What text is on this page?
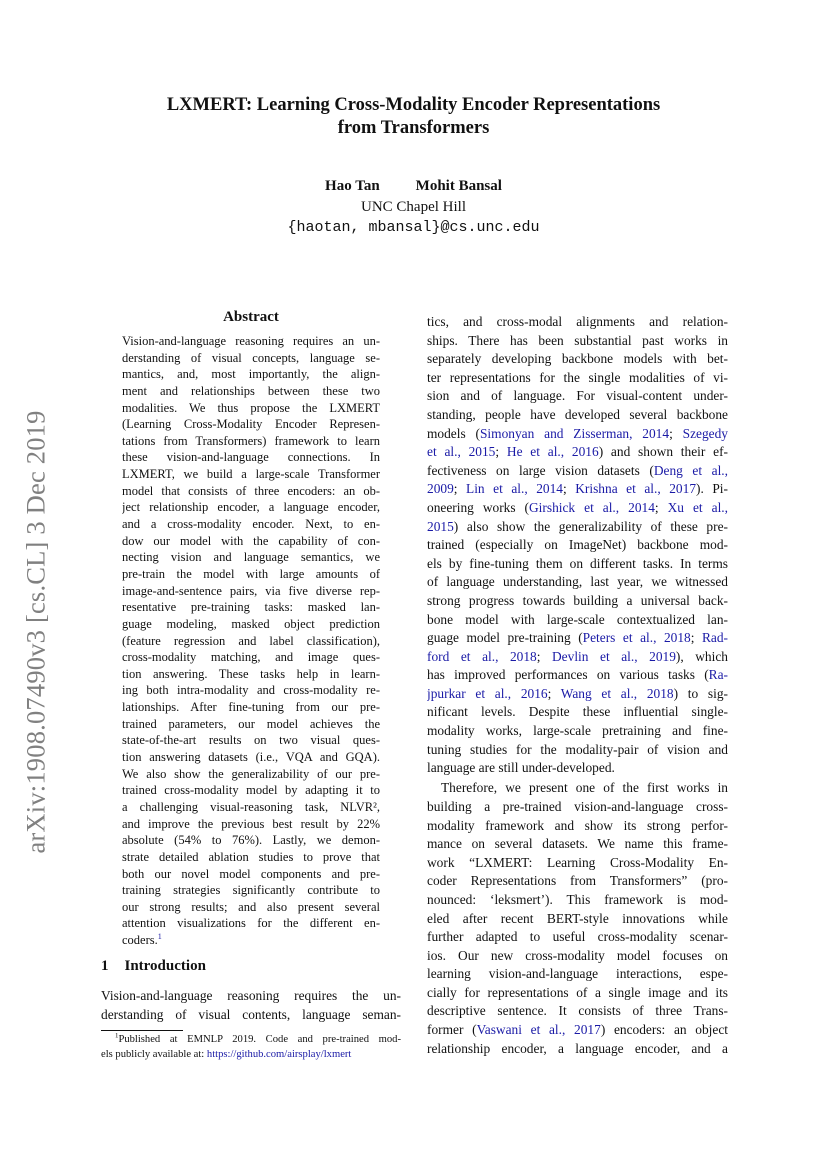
arXiv:1908.07490v3 [cs.CL] 3 Dec 2019
LXMERT: Learning Cross-Modality Encoder Representations
from Transformers
Hao Tan Mohit Bansal
UNC Chapel Hill
{haotan, mbansal}@cs.unc.edu
Abstract
Vision-and-language reasoning requires an un-
derstanding of visual concepts, language se-
mantics, and, most importantly, the align-
ment and relationships between these two
modalities. We thus propose the LXMERT
(Learning Cross-Modality Encoder Represen-
tations from Transformers) framework to learn
these vision-and-language connections. In
LXMERT, we build a large-scale Transformer
model that consists of three encoders: an ob-
ject relationship encoder, a language encoder,
and a cross-modality encoder. Next, to en-
dow our model with the capability of con-
necting vision and language semantics, we
pre-train the model with large amounts of
image-and-sentence pairs, via five diverse rep-
resentative pre-training tasks: masked lan-
guage modeling, masked object prediction
(feature regression and label classification),
cross-modality matching, and image ques-
tion answering. These tasks help in learn-
ing both intra-modality and cross-modality re-
lationships. After fine-tuning from our pre-
trained parameters, our model achieves the
state-of-the-art results on two visual ques-
tion answering datasets (i.e., VQA and GQA).
We also show the generalizability of our pre-
trained cross-modality model by adapting it to
a challenging visual-reasoning task, NLVR²,
and improve the previous best result by 22%
absolute (54% to 76%). Lastly, we demon-
strate detailed ablation studies to prove that
both our novel model components and pre-
training strategies significantly contribute to
our strong results; and also present several
attention visualizations for the different en-
coders.$^1$
1 Introduction
Vision-and-language reasoning requires the un-
derstanding of visual contents, language seman-
$^1$Published at EMNLP 2019. Code and pre-trained mod-
els publicly available at: https://github.com/airsplay/lxmert
tics, and cross-modal alignments and relation-
ships. There has been substantial past works in
separately developing backbone models with bet-
ter representations for the single modalities of vi-
sion and of language. For visual-content under-
standing, people have developed several backbone
models (Simonyan and Zisserman, 2014; Szegedy
et al., 2015; He et al., 2016) and shown their ef-
fectiveness on large vision datasets (Deng et al.,
2009; Lin et al., 2014; Krishna et al., 2017). Pi-
oneering works (Girshick et al., 2014; Xu et al.,
2015) also show the generalizability of these pre-
trained (especially on ImageNet) backbone mod-
els by fine-tuning them on different tasks. In terms
of language understanding, last year, we witnessed
strong progress towards building a universal back-
bone model with large-scale contextualized lan-
guage model pre-training (Peters et al., 2018; Rad-
ford et al., 2018; Devlin et al., 2019), which
has improved performances on various tasks (Ra-
jpurkar et al., 2016; Wang et al., 2018) to sig-
nificant levels. Despite these influential single-
modality works, large-scale pretraining and fine-
tuning studies for the modality-pair of vision and
language are still under-developed.
Therefore, we present one of the first works in
building a pre-trained vision-and-language cross-
modality framework and show its strong perfor-
mance on several datasets. We name this frame-
work “LXMERT: Learning Cross-Modality En-
coder Representations from Transformers” (pro-
nounced: ‘leksmert’). This framework is mod-
eled after recent BERT-style innovations while
further adapted to useful cross-modality scenar-
ios. Our new cross-modality model focuses on
learning vision-and-language interactions, espe-
cially for representations of a single image and its
descriptive sentence. It consists of three Trans-
former (Vaswani et al., 2017) encoders: an object
relationship encoder, a language encoder, and a
